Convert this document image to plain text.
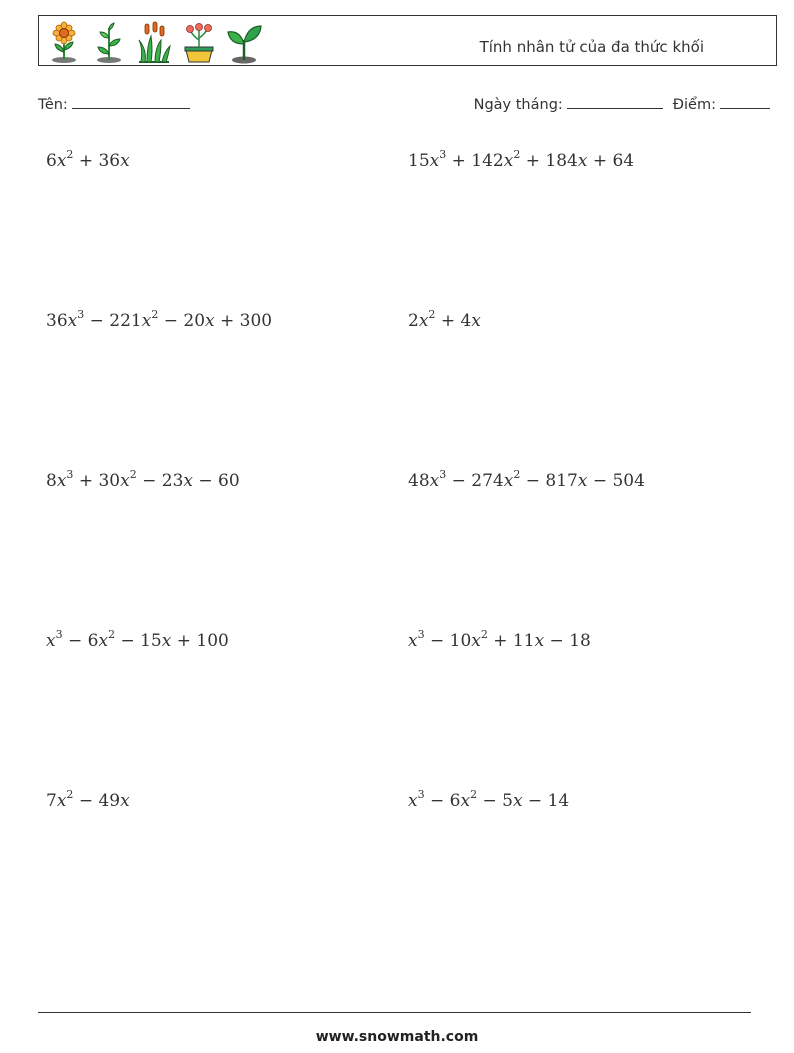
Tính nhân tử của đa thức khối
Tên:	Ngày tháng:	Điểm:
$6x^2 + 36x$	$15x^3 + 142x^2 + 184x + 64$
$36x^3 - 221x^2 - 20x + 300$	$2x^2 + 4x$
$8x^3 + 30x^2 - 23x - 60$	$48x^3 - 274x^2 - 817x - 504$
$x^3 - 6x^2 - 15x + 100$	$x^3 - 10x^2 + 11x - 18$
$7x^2 - 49x$	$x^3 - 6x^2 - 5x - 14$
www.snowmath.com
